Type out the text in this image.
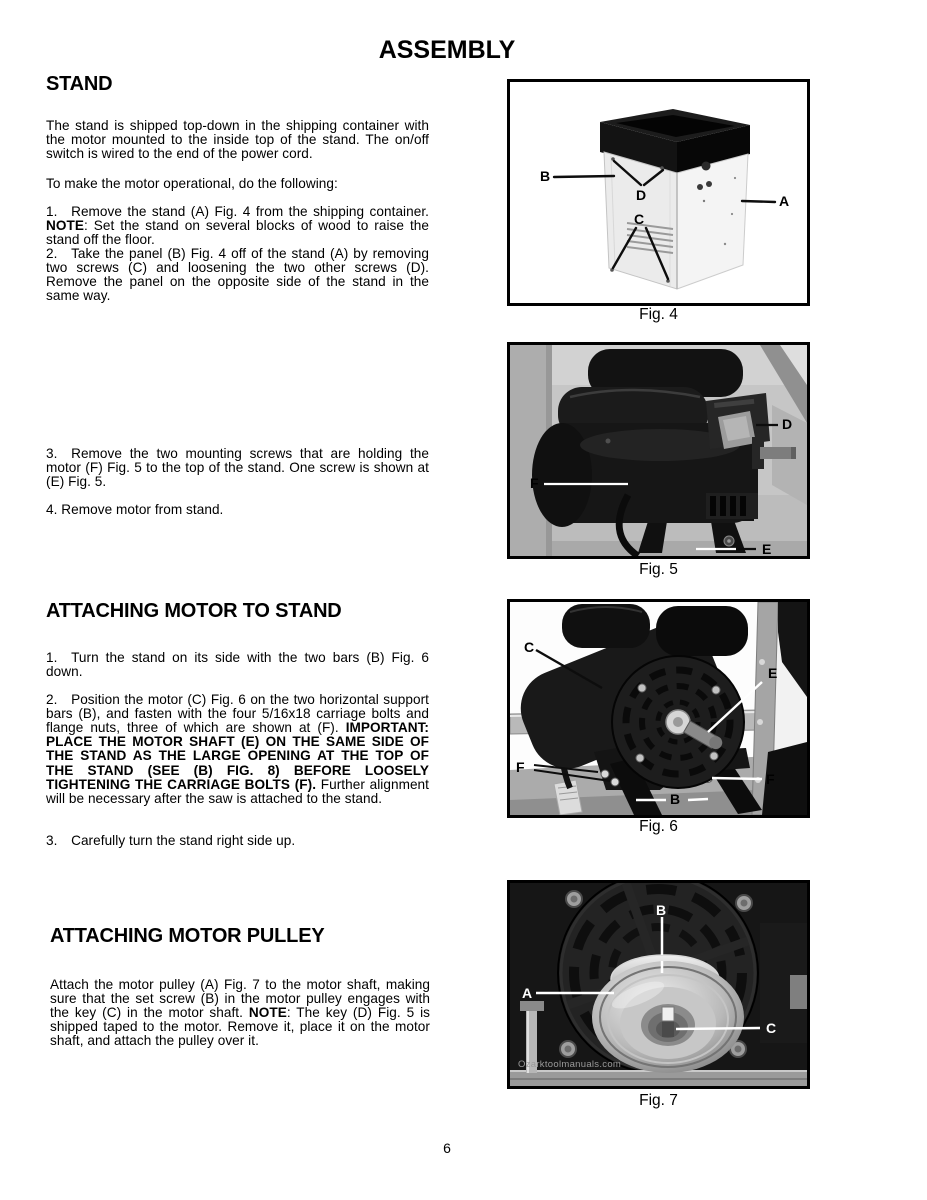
ASSEMBLY
STAND

The stand is shipped top-down in the shipping container with the motor mounted to the inside top of the stand. The on/off switch is wired to the end of the power cord.

To make the motor operational, do the following:

1. Remove the stand (A) Fig. 4 from the shipping container. NOTE: Set the stand on several blocks of wood to raise the stand off the floor.

2. Take the panel (B) Fig. 4 off of the stand (A) by removing two screws (C) and loosening the two other screws (D). Remove the panel on the opposite side of the stand in the same way.

3. Remove the two mounting screws that are holding the motor (F) Fig. 5 to the top of the stand. One screw is shown at (E) Fig. 5.

4. Remove motor from stand.

ATTACHING MOTOR TO STAND

1. Turn the stand on its side with the two bars (B) Fig. 6 down.

2. Position the motor (C) Fig. 6 on the two horizontal support bars (B), and fasten with the four 5/16x18 carriage bolts and flange nuts, three of which are shown at (F). IMPORTANT: PLACE THE MOTOR SHAFT (E) ON THE SAME SIDE OF THE STAND AS THE LARGE OPENING AT THE TOP OF THE STAND (SEE (B) FIG. 8) BEFORE LOOSELY TIGHTENING THE CARRIAGE BOLTS (F). Further alignment will be necessary after the saw is attached to the stand.

3. Carefully turn the stand right side up.

ATTACHING MOTOR PULLEY

Attach the motor pulley (A) Fig. 7 to the motor shaft, making sure that the set screw (B) in the motor pulley engages with the key (C) in the motor shaft. NOTE: The key (D) Fig. 5 is shipped taped to the motor. Remove it, place it on the motor shaft, and attach the pulley over it.

B
D
C
A
Fig. 4
F
D
E
Fig. 5
C
E
F
F
B
Fig. 6
B
A
C
Ozarktoolmanuals.com
Fig. 7
6
